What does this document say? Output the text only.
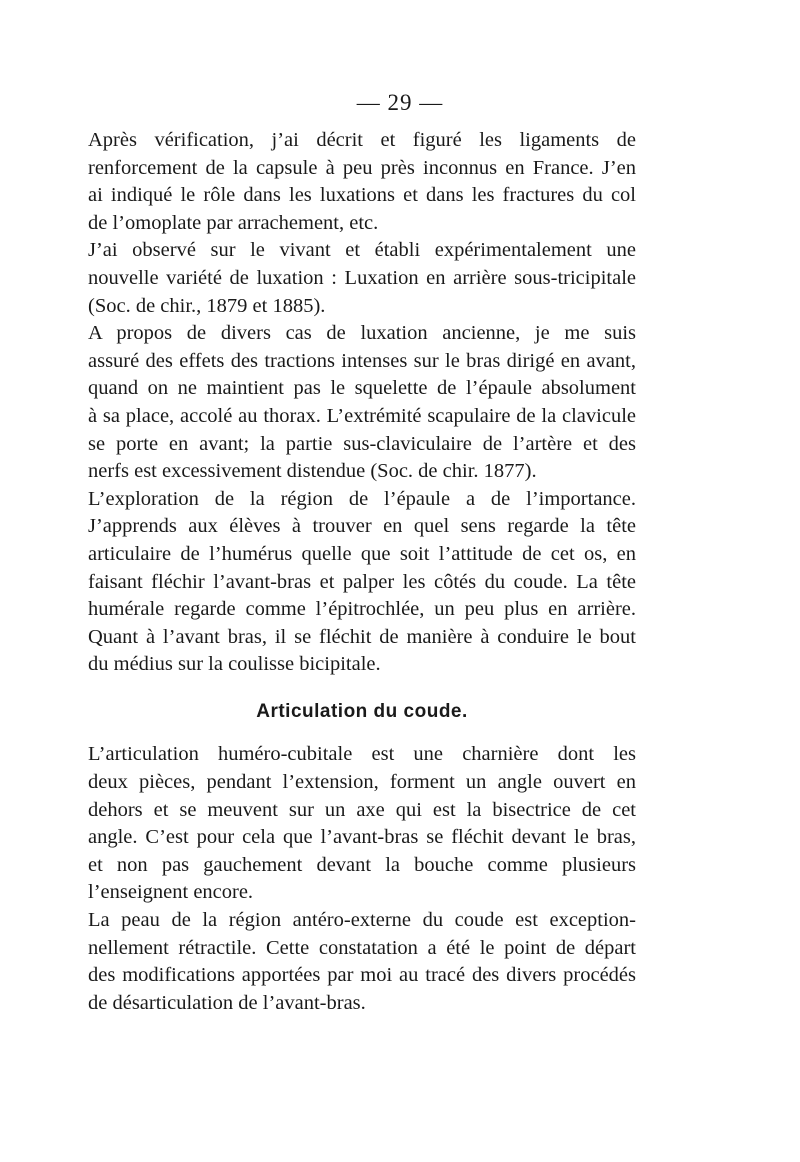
— 29 —
Après vérification, j’ai décrit et figuré les ligaments de
renforcement de la capsule à peu près inconnus en France. J’en
ai indiqué le rôle dans les luxations et dans les fractures du col
de l’omoplate par arrachement, etc.
J’ai observé sur le vivant et établi expérimentalement une
nouvelle variété de luxation : Luxation en arrière sous-tricipitale
(Soc. de chir., 1879 et 1885).
A propos de divers cas de luxation ancienne, je me suis
assuré des effets des tractions intenses sur le bras dirigé en avant,
quand on ne maintient pas le squelette de l’épaule absolument
à sa place, accolé au thorax. L’extrémité scapulaire de la clavicule
se porte en avant; la partie sus-claviculaire de l’artère et des
nerfs est excessivement distendue (Soc. de chir. 1877).
L’exploration de la région de l’épaule a de l’importance.
J’apprends aux élèves à trouver en quel sens regarde la tête
articulaire de l’humérus quelle que soit l’attitude de cet os, en
faisant fléchir l’avant-bras et palper les côtés du coude. La tête
humérale regarde comme l’épitrochlée, un peu plus en arrière.
Quant à l’avant bras, il se fléchit de manière à conduire le bout
du médius sur la coulisse bicipitale.
Articulation du coude.
L’articulation huméro-cubitale est une charnière dont les
deux pièces, pendant l’extension, forment un angle ouvert en
dehors et se meuvent sur un axe qui est la bisectrice de cet
angle. C’est pour cela que l’avant-bras se fléchit devant le bras,
et non pas gauchement devant la bouche comme plusieurs
l’enseignent encore.
La peau de la région antéro-externe du coude est exception-
nellement rétractile. Cette constatation a été le point de départ
des modifications apportées par moi au tracé des divers procédés
de désarticulation de l’avant-bras.
